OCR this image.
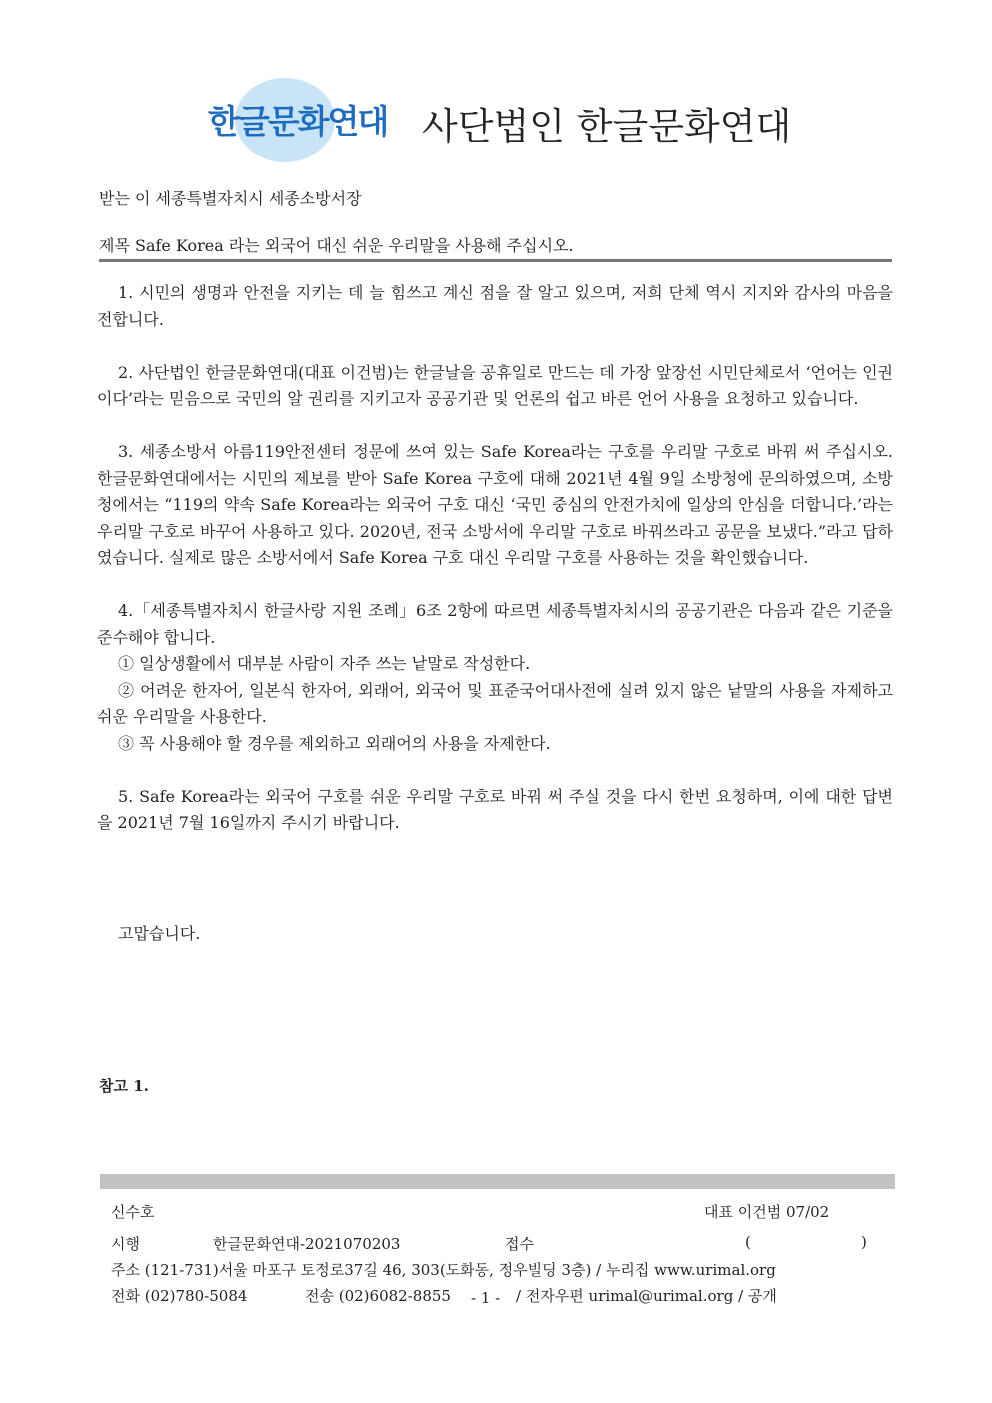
한글문화연대 사단법인 한글문화연대
받는 이 세종특별자치시 세종소방서장
제목 Safe Korea 라는 외국어 대신 쉬운 우리말을 사용해 주십시오.

1. 시민의 생명과 안전을 지키는 데 늘 힘쓰고 계신 점을 잘 알고 있으며, 저희 단체 역시 지지와 감사의 마음을 전합니다.

2. 사단법인 한글문화연대(대표 이건범)는 한글날을 공휴일로 만드는 데 가장 앞장선 시민단체로서 ‘언어는 인권이다’라는 믿음으로 국민의 알 권리를 지키고자 공공기관 및 언론의 쉽고 바른 언어 사용을 요청하고 있습니다.

3. 세종소방서 아름119안전센터 정문에 쓰여 있는 Safe Korea라는 구호를 우리말 구호로 바꿔 써 주십시오. 한글문화연대에서는 시민의 제보를 받아 Safe Korea 구호에 대해 2021년 4월 9일 소방청에 문의하였으며, 소방청에서는 “119의 약속 Safe Korea라는 외국어 구호 대신 ‘국민 중심의 안전가치에 일상의 안심을 더합니다.’라는 우리말 구호로 바꾸어 사용하고 있다. 2020년, 전국 소방서에 우리말 구호로 바꿔쓰라고 공문을 보냈다.”라고 답하였습니다. 실제로 많은 소방서에서 Safe Korea 구호 대신 우리말 구호를 사용하는 것을 확인했습니다.

4.「세종특별자치시 한글사랑 지원 조례」6조 2항에 따르면 세종특별자치시의 공공기관은 다음과 같은 기준을 준수해야 합니다.

① 일상생활에서 대부분 사람이 자주 쓰는 낱말로 작성한다.

② 어려운 한자어, 일본식 한자어, 외래어, 외국어 및 표준국어대사전에 실려 있지 않은 낱말의 사용을 자제하고 쉬운 우리말을 사용한다.

③ 꼭 사용해야 할 경우를 제외하고 외래어의 사용을 자제한다.

5. Safe Korea라는 외국어 구호를 쉬운 우리말 구호로 바꿔 써 주실 것을 다시 한번 요청하며, 이에 대한 답변을 2021년 7월 16일까지 주시기 바랍니다.

고맙습니다.
참고 1.
신수호	대표 이건범 07/02
시행	한글문화연대-2021070203	접수	(	)
주소 (121-731)서울 마포구 토정로37길 46, 303(도화동, 정우빌딩 3층) / 누리집 www.urimal.org
전화 (02)780-5084	전송 (02)6082-8855 - 1 - / 전자우편 urimal@urimal.org / 공개
